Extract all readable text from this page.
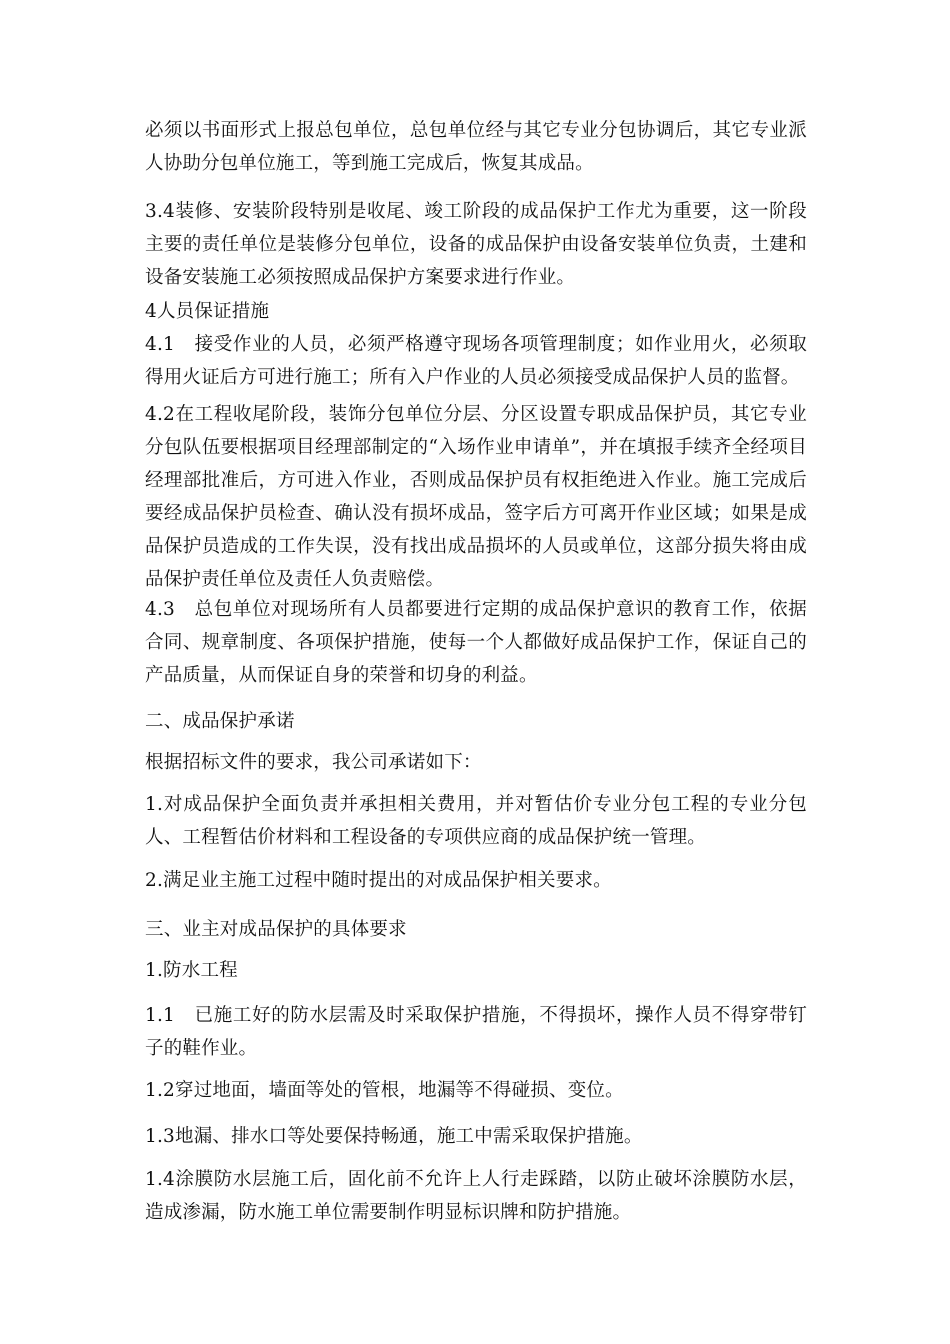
必须以书面形式上报总包单位，总包单位经与其它专业分包协调后，其它专业派人协助分包单位施工，等到施工完成后，恢复其成品。

3.4装修、安装阶段特别是收尾、竣工阶段的成品保护工作尤为重要，这一阶段主要的责任单位是装修分包单位，设备的成品保护由设备安装单位负责，土建和设备安装施工必须按照成品保护方案要求进行作业。

4人员保证措施

4.1　接受作业的人员，必须严格遵守现场各项管理制度；如作业用火，必须取得用火证后方可进行施工；所有入户作业的人员必须接受成品保护人员的监督。

4.2在工程收尾阶段，装饰分包单位分层、分区设置专职成品保护员，其它专业分包队伍要根据项目经理部制定的“入场作业申请单”，并在填报手续齐全经项目经理部批准后，方可进入作业，否则成品保护员有权拒绝进入作业。施工完成后要经成品保护员检查、确认没有损坏成品，签字后方可离开作业区域；如果是成品保护员造成的工作失误，没有找出成品损坏的人员或单位，这部分损失将由成品保护责任单位及责任人负责赔偿。

4.3　总包单位对现场所有人员都要进行定期的成品保护意识的教育工作，依据合同、规章制度、各项保护措施，使每一个人都做好成品保护工作，保证自己的产品质量，从而保证自身的荣誉和切身的利益。

二、成品保护承诺

根据招标文件的要求，我公司承诺如下：

1.对成品保护全面负责并承担相关费用，并对暂估价专业分包工程的专业分包人、工程暂估价材料和工程设备的专项供应商的成品保护统一管理。

2.满足业主施工过程中随时提出的对成品保护相关要求。

三、业主对成品保护的具体要求

1.防水工程

1.1　已施工好的防水层需及时采取保护措施，不得损坏，操作人员不得穿带钉子的鞋作业。

1.2穿过地面，墙面等处的管根，地漏等不得碰损、变位。

1.3地漏、排水口等处要保持畅通，施工中需采取保护措施。

1.4涂膜防水层施工后，固化前不允许上人行走踩踏，以防止破坏涂膜防水层，造成渗漏，防水施工单位需要制作明显标识牌和防护措施。
